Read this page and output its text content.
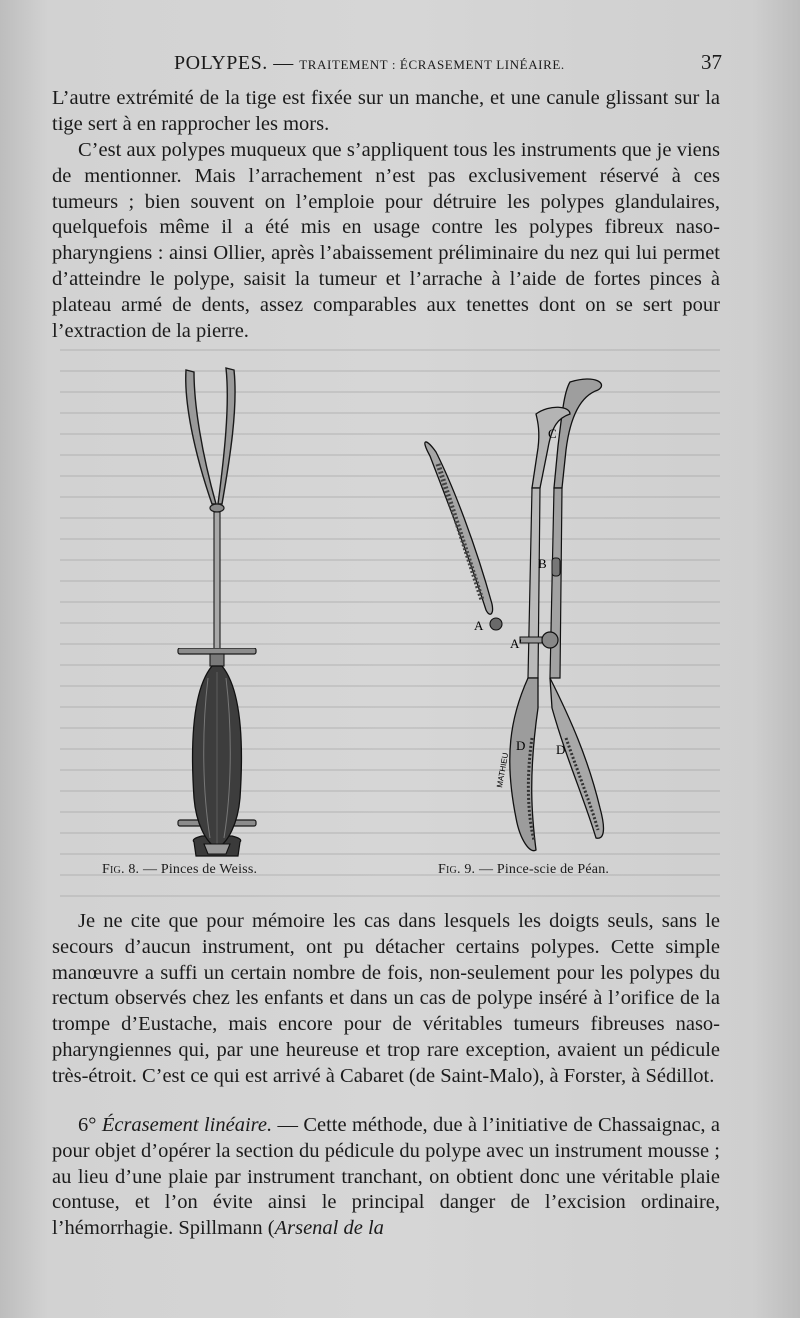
POLYPES. — TRAITEMENT : ÉCRASEMENT LINÉAIRE.	37

L’autre extrémité de la tige est fixée sur un manche, et une canule glissant sur la tige sert à en rapprocher les mors.

C’est aux polypes muqueux que s’appliquent tous les instruments que je viens de mentionner. Mais l’arrachement n’est pas exclusivement réservé à ces tumeurs ; bien souvent on l’emploie pour détruire les polypes glandulaires, quelquefois même il a été mis en usage contre les polypes fibreux naso-pharyngiens : ainsi Ollier, après l’abaissement préliminaire du nez qui lui permet d’atteindre le polype, saisit la tumeur et l’arrache à l’aide de fortes pinces à plateau armé de dents, assez comparables aux tenettes dont on se sert pour l’extraction de la pierre.

C
B
A
A'
D D
MATHIEU
Fig. 8. — Pinces de Weiss.	Fig. 9. — Pince-scie de Péan.

Je ne cite que pour mémoire les cas dans lesquels les doigts seuls, sans le secours d’aucun instrument, ont pu détacher certains polypes. Cette simple manœuvre a suffi un certain nombre de fois, non-seulement pour les polypes du rectum observés chez les enfants et dans un cas de polype inséré à l’orifice de la trompe d’Eustache, mais encore pour de véritables tumeurs fibreuses naso-pharyngiennes qui, par une heureuse et trop rare exception, avaient un pédicule très-étroit. C’est ce qui est arrivé à Cabaret (de Saint-Malo), à Forster, à Sédillot.

6° Écrasement linéaire. — Cette méthode, due à l’initiative de Chassaignac, a pour objet d’opérer la section du pédicule du polype avec un instrument mousse ; au lieu d’une plaie par instrument tranchant, on obtient donc une véritable plaie contuse, et l’on évite ainsi le principal danger de l’excision ordinaire, l’hémorrhagie. Spillmann (Arsenal de la
